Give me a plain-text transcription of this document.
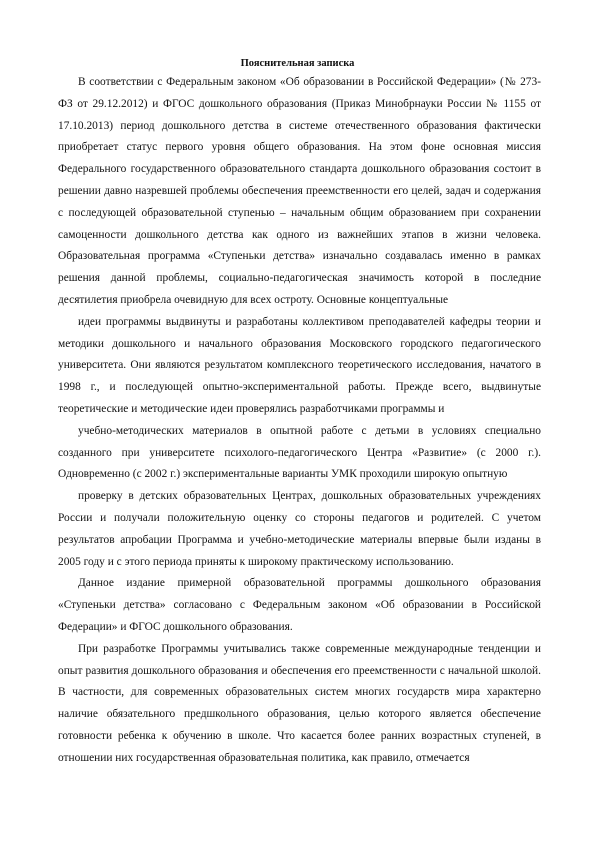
Пояснительная записка

В соответствии с Федеральным законом «Об образовании в Российской Федерации» (№ 273-ФЗ от 29.12.2012) и ФГОС дошкольного образования (Приказ Минобрнауки России № 1155 от 17.10.2013) период дошкольного детства в системе отечественного образования фактически приобретает статус первого уровня общего образования. На этом фоне основная миссия Федерального государственного образовательного стандарта дошкольного образования состоит в решении давно назревшей проблемы обеспечения преемственности его целей, задач и содержания с последующей образовательной ступенью – начальным общим образованием при сохранении самоценности дошкольного детства как одного из важнейших этапов в жизни человека. Образовательная программа «Ступеньки детства» изначально создавалась именно в рамках решения данной проблемы, социально-педагогическая значимость которой в последние десятилетия приобрела очевидную для всех остроту. Основные концептуальные

идеи программы выдвинуты и разработаны коллективом преподавателей кафедры теории и методики дошкольного и начального образования Московского городского педагогического университета. Они являются результатом комплексного теоретического исследования, начатого в 1998 г., и последующей опытно-экспериментальной работы. Прежде всего, выдвинутые теоретические и методические идеи проверялись разработчиками программы и

учебно-методических материалов в опытной работе с детьми в условиях специально созданного при университете психолого-педагогического Центра «Развитие» (с 2000 г.). Одновременно (с 2002 г.) экспериментальные варианты УМК проходили широкую опытную

проверку в детских образовательных Центрах, дошкольных образовательных учреждениях России и получали положительную оценку со стороны педагогов и родителей. С учетом результатов апробации Программа и учебно-методические материалы впервые были изданы в 2005 году и с этого периода приняты к широкому практическому использованию.

Данное издание примерной образовательной программы дошкольного образования «Ступеньки детства» согласовано с Федеральным законом «Об образовании в Российской Федерации» и ФГОС дошкольного образования.

При разработке Программы учитывались также современные международные тенденции и опыт развития дошкольного образования и обеспечения его преемственности с начальной школой. В частности, для современных образовательных систем многих государств мира характерно наличие обязательного предшкольного образования, целью которого является обеспечение готовности ребенка к обучению в школе. Что касается более ранних возрастных ступеней, в отношении них государственная образовательная политика, как правило, отмечается
